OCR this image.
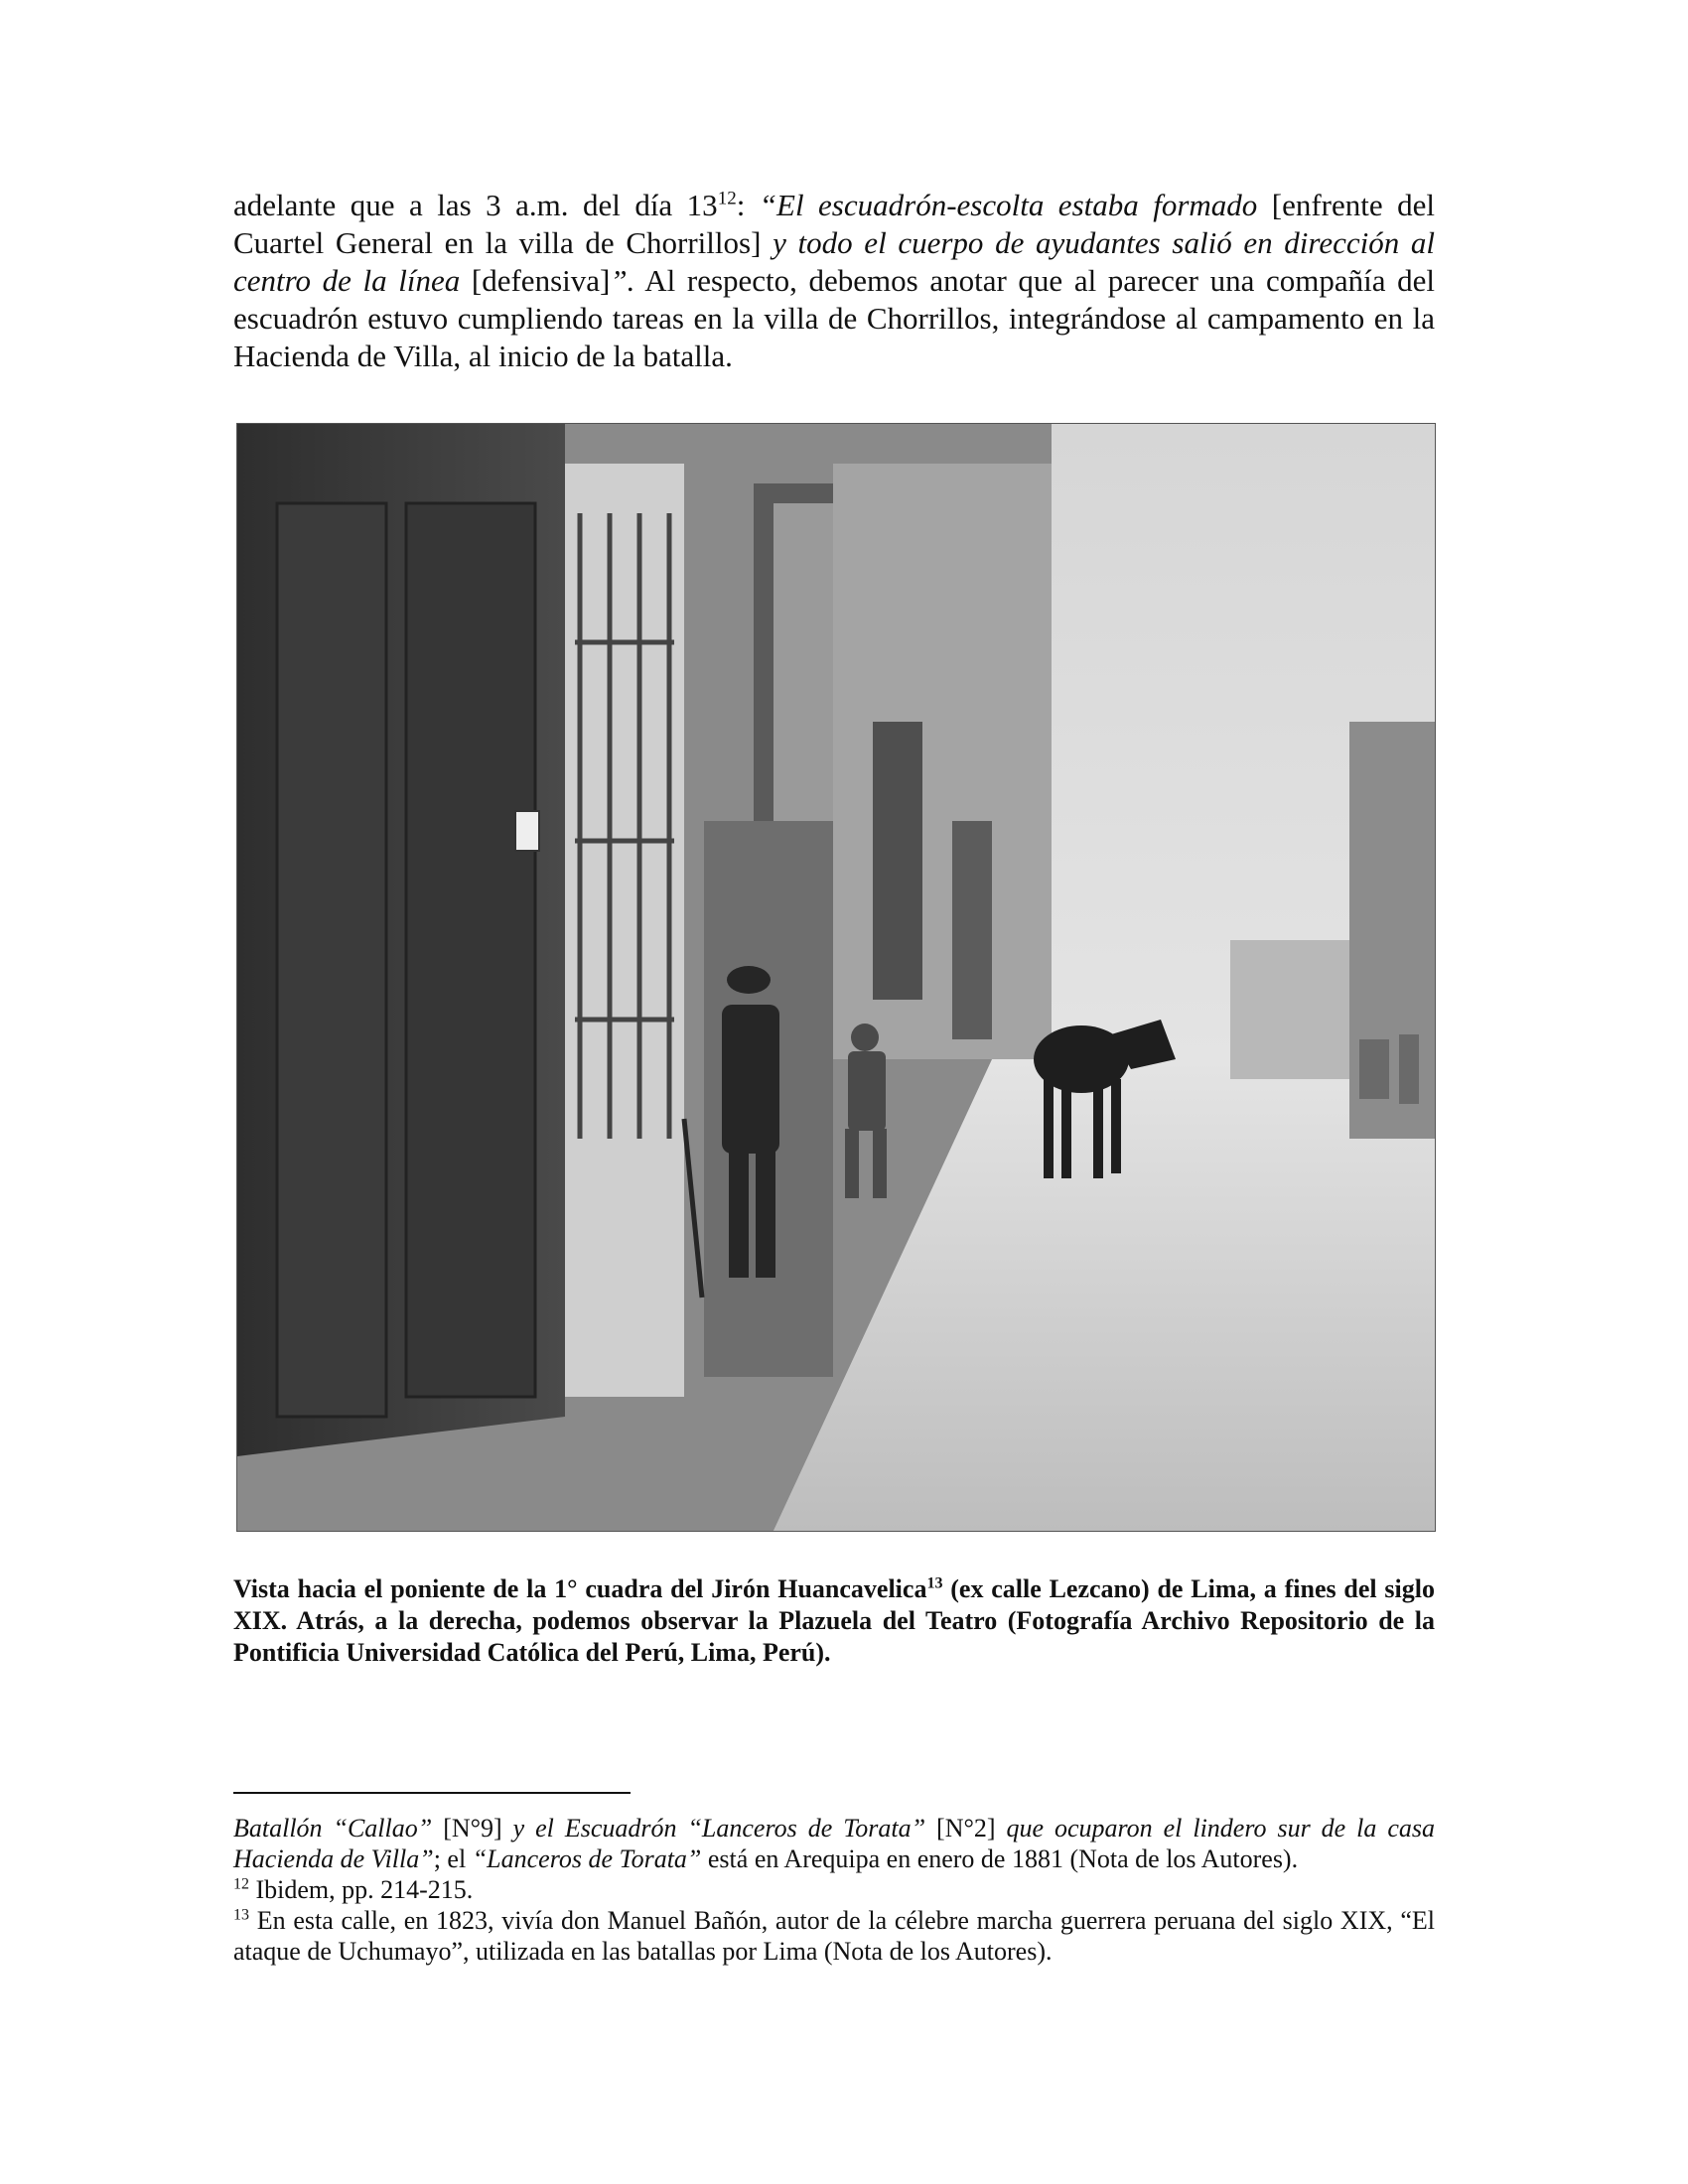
adelante que a las 3 a.m. del día $13^{12}$: “El escuadrón-escolta estaba formado [enfrente del Cuartel General en la villa de Chorrillos] y todo el cuerpo de ayudantes salió en dirección al centro de la línea [defensiva]”. Al respecto, debemos anotar que al parecer una compañía del escuadrón estuvo cumpliendo tareas en la villa de Chorrillos, integrándose al campamento en la Hacienda de Villa, al inicio de la batalla.

Vista hacia el poniente de la 1° cuadra del Jirón Huancavelica$^{13}$ (ex calle Lezcano) de Lima, a fines del siglo XIX. Atrás, a la derecha, podemos observar la Plazuela del Teatro (Fotografía Archivo Repositorio de la Pontificia Universidad Católica del Perú, Lima, Perú).

Batallón “Callao” [N°9] y el Escuadrón “Lanceros de Torata” [N°2] que ocuparon el lindero sur de la casa Hacienda de Villa”; el “Lanceros de Torata” está en Arequipa en enero de 1881 (Nota de los Autores).

$^{12}$ Ibidem, pp. 214-215.

$^{13}$ En esta calle, en 1823, vivía don Manuel Bañón, autor de la célebre marcha guerrera peruana del siglo XIX, “El ataque de Uchumayo”, utilizada en las batallas por Lima (Nota de los Autores).
